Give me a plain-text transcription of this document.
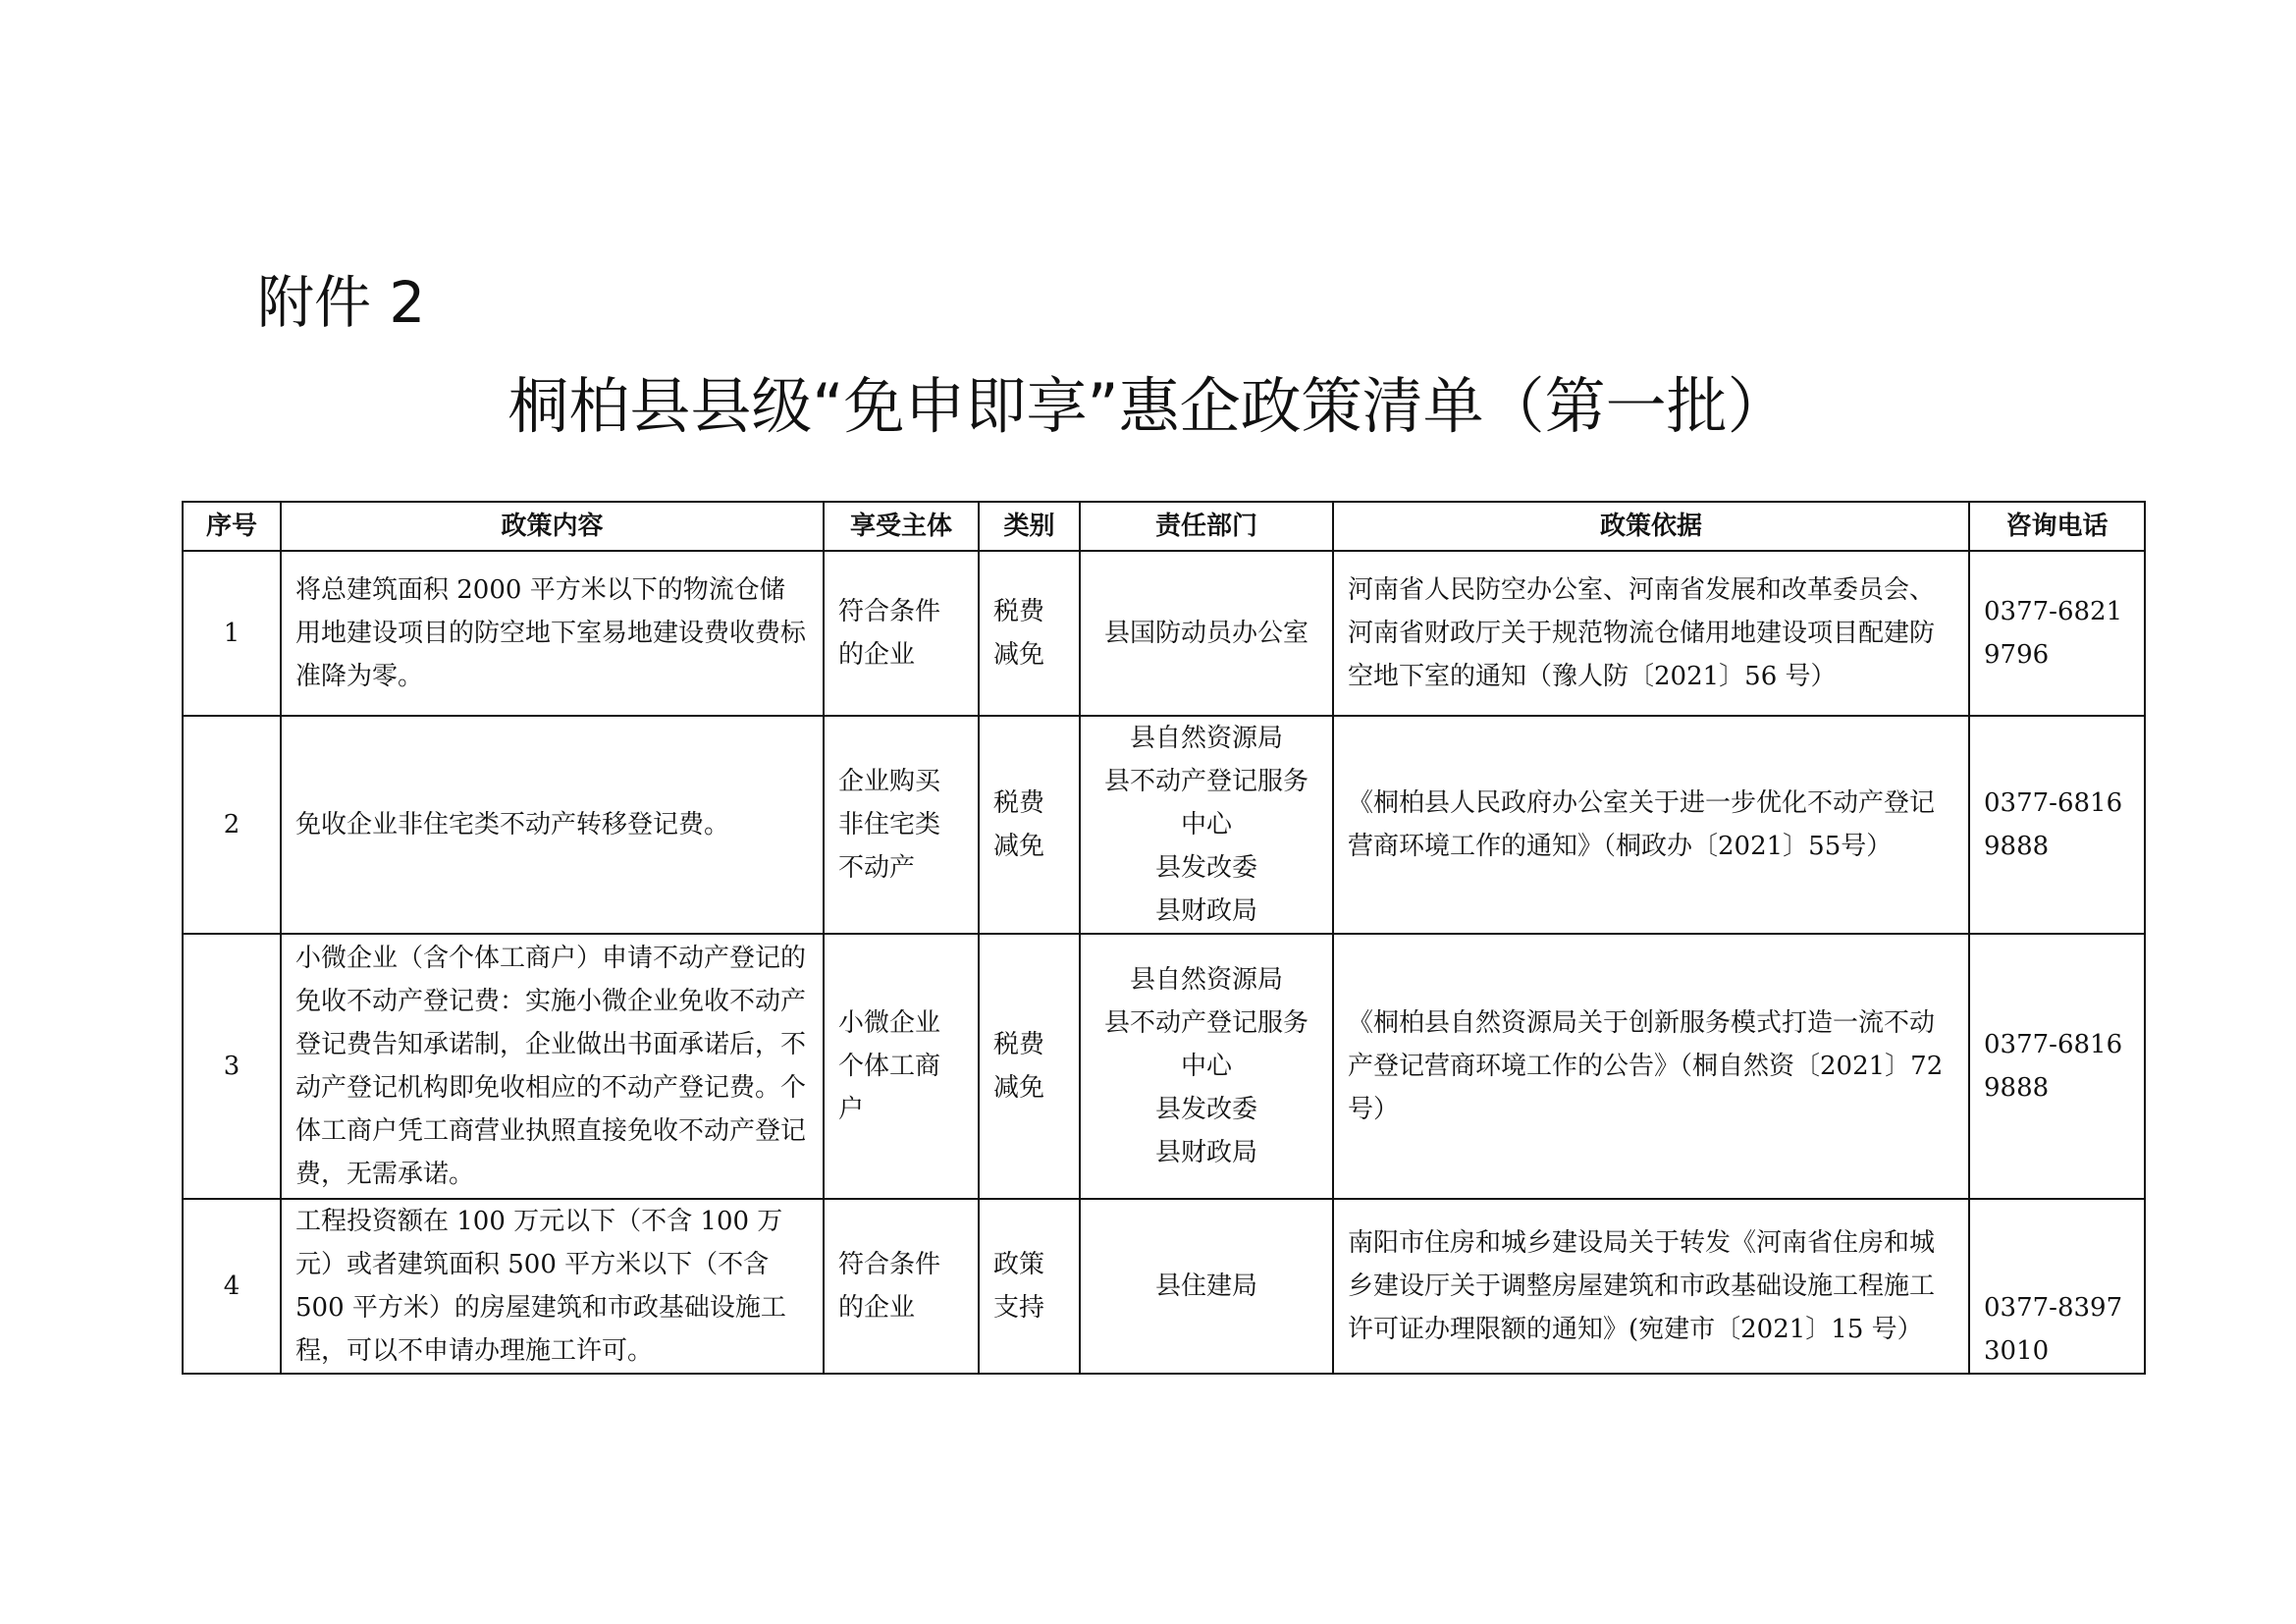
附件 2
桐柏县县级“免申即享”惠企政策清单（第一批）
序号	政策内容	享受主体	类别	责任部门	政策依据	咨询电话
1	将总建筑面积 2000 平方米以下的物流仓储用地建设项目的防空地下室易地建设费收费标准降为零。	符合条件的企业	税费减免	县国防动员办公室	河南省人民防空办公室、河南省发展和改革委员会、河南省财政厅关于规范物流仓储用地建设项目配建防空地下室的通知（豫人防〔2021〕56 号）	0377-68219796
2	免收企业非住宅类不动产转移登记费。	企业购买非住宅类不动产	税费减免	县自然资源局
县不动产登记服务中心
县发改委
县财政局	《桐柏县人民政府办公室关于进一步优化不动产登记营商环境工作的通知》（桐政办〔2021〕55号）	0377-68169888
3	小微企业（含个体工商户）申请不动产登记的免收不动产登记费：实施小微企业免收不动产登记费告知承诺制，企业做出书面承诺后，不动产登记机构即免收相应的不动产登记费。个体工商户凭工商营业执照直接免收不动产登记费，无需承诺。	小微企业个体工商户	税费减免	县自然资源局
县不动产登记服务中心
县发改委
县财政局	《桐柏县自然资源局关于创新服务模式打造一流不动产登记营商环境工作的公告》（桐自然资〔2021〕72 号）	0377-68169888
4	工程投资额在 100 万元以下（不含 100 万元）或者建筑面积 500 平方米以下（不含 500 平方米）的房屋建筑和市政基础设施工程，可以不申请办理施工许可。	符合条件的企业	政策支持	县住建局	南阳市住房和城乡建设局关于转发《河南省住房和城乡建设厅关于调整房屋建筑和市政基础设施工程施工许可证办理限额的通知》(宛建市〔2021〕15 号）	0377-83973010
